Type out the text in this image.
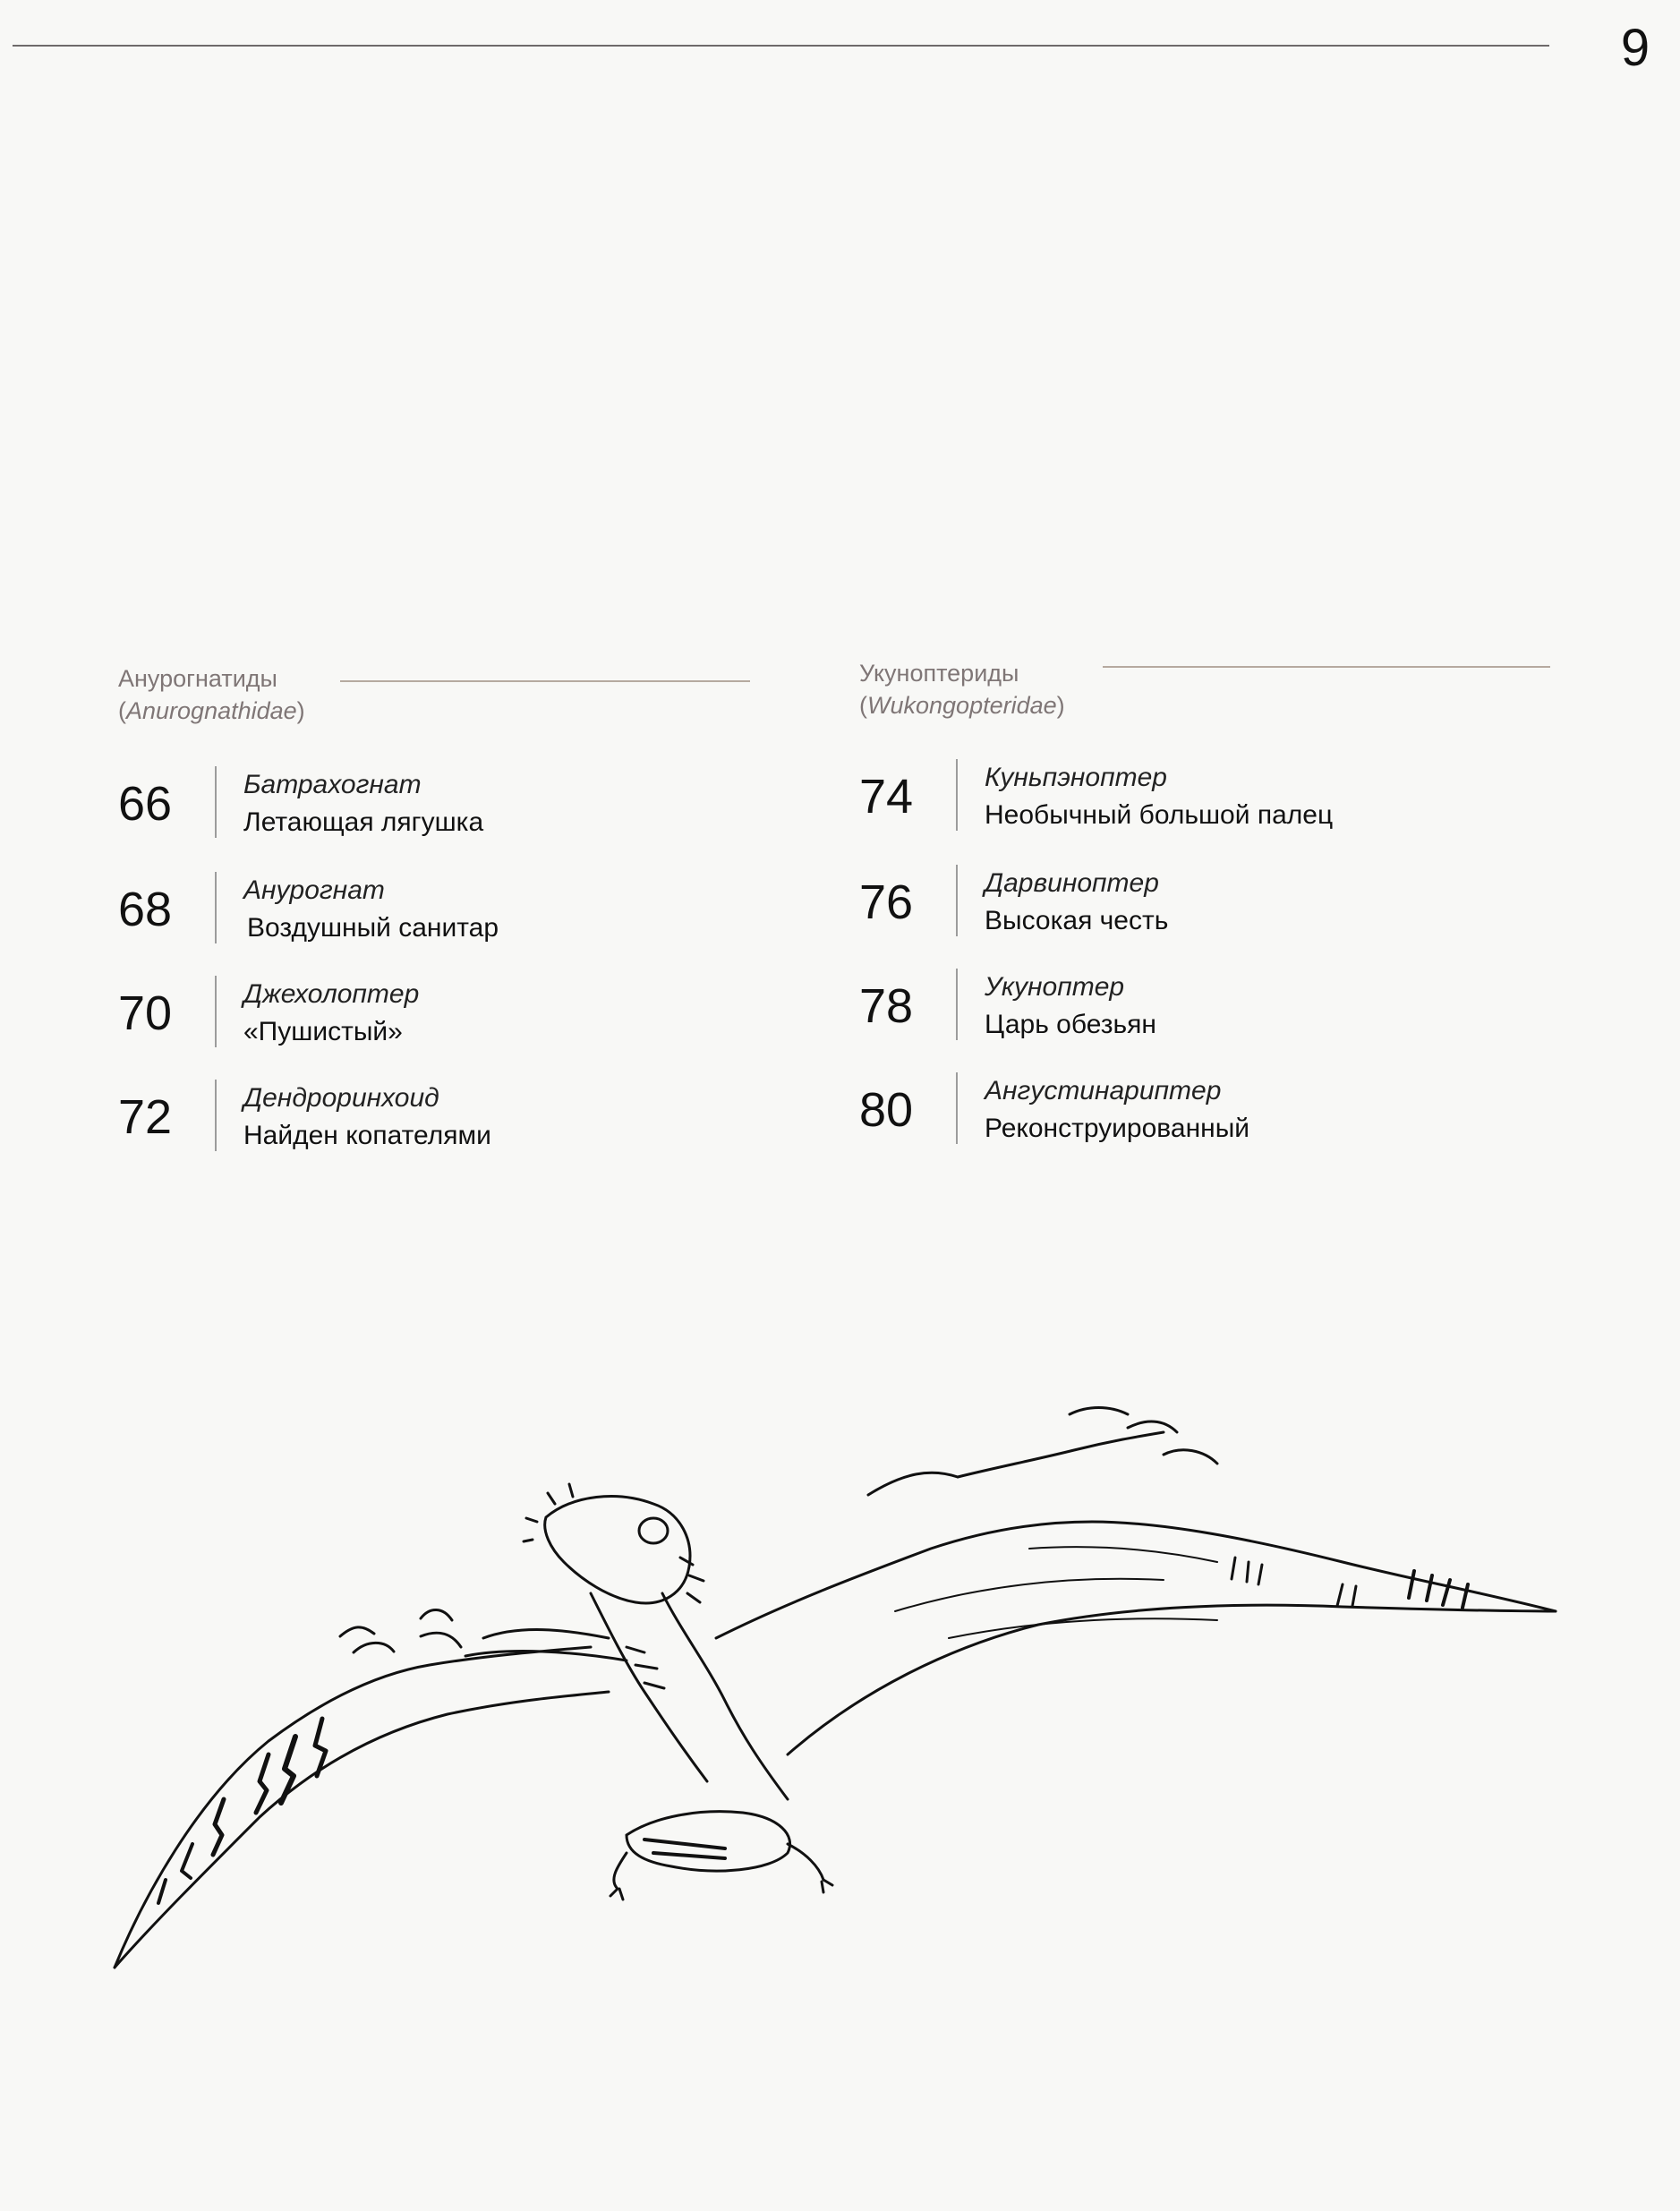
9
Анурогнатиды
(Anurognathidae)
66	Батрахогнат
Летающая лягушка
68	Анурогнат
Воздушный санитар
70	Джехолоптер
«Пушистый»
72	Дендроринхоид
Найден копателями
Укуноптериды
(Wukongopteridae)
74	Куньпэноптер
Необычный большой палец
76	Дарвиноптер
Высокая честь
78	Укуноптер
Царь обезьян
80	Ангустинариптер
Реконструированный
